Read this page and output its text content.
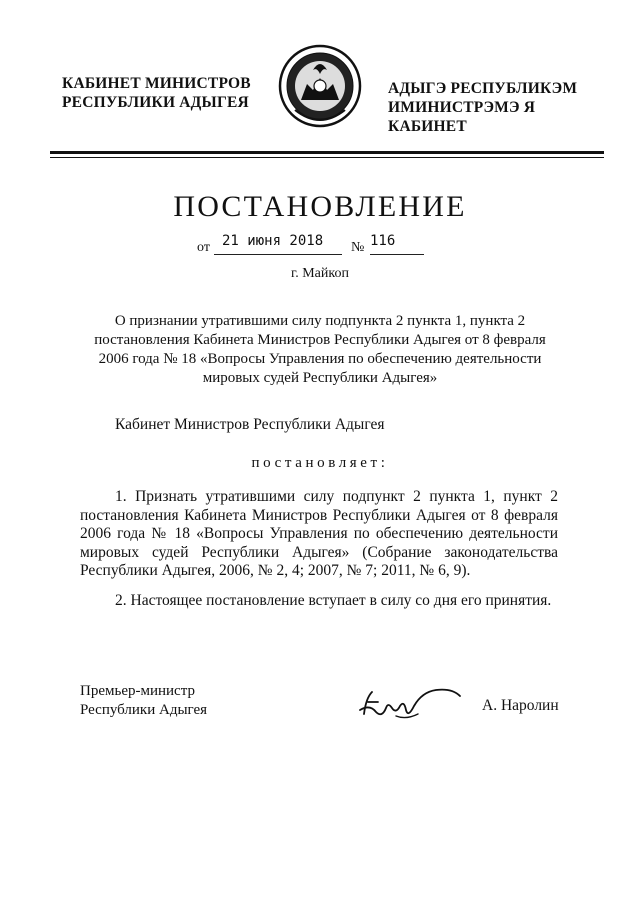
КАБИНЕТ МИНИСТРОВ
РЕСПУБЛИКИ АДЫГЕЯ
АДЫГЭ РЕСПУБЛИКЭМ
ИМИНИСТРЭМЭ Я КАБИНЕТ
ПОСТАНОВЛЕНИЕ
от 21 июня 2018 № 116
г. Майкоп
О признании утратившими силу подпункта 2 пункта 1, пункта 2 постановления Кабинета Министров Республики Адыгея от 8 февраля 2006 года № 18 «Вопросы Управления по обеспечению деятельности мировых судей Республики Адыгея»
Кабинет Министров Республики Адыгея
постановляет:
1. Признать утратившими силу подпункт 2 пункта 1, пункт 2
постановления Кабинета Министров Республики Адыгея от 8 февраля
2006 года № 18 «Вопросы Управления по обеспечению деятельности
мировых судей Республики Адыгея» (Собрание законодательства
Республики Адыгея, 2006, № 2, 4; 2007, № 7; 2011, № 6, 9).
2. Настоящее постановление вступает в силу со дня его принятия.
Премьер-министр
Республики Адыгея	А. Наролин
